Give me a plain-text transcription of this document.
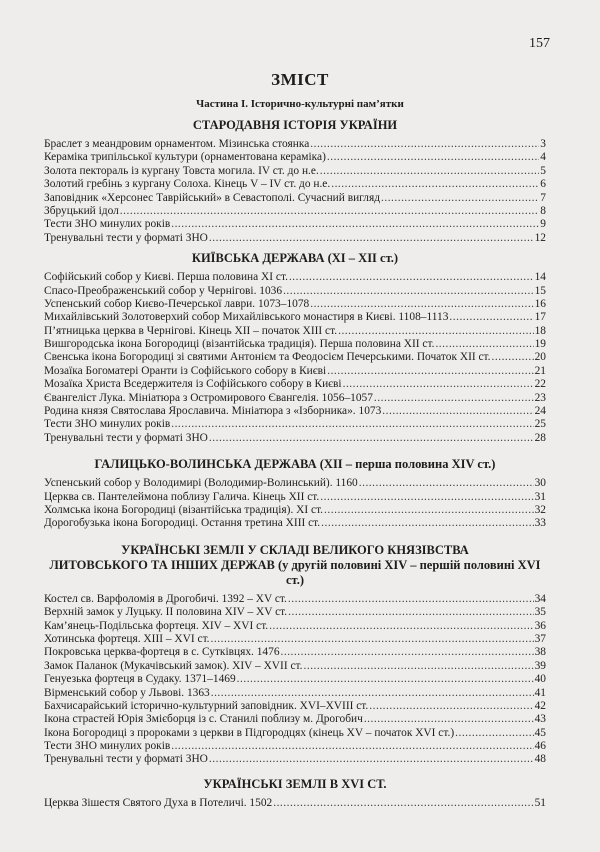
157
ЗМІСТ
Частина І. Історично-культурні пам’ятки
СТАРОДАВНЯ ІСТОРІЯ УКРАЇНИ
Браслет з меандровим орнаментом. Мізинська стоянка .....	3
Кераміка трипільської культури (орнаментована кераміка) .....	4
Золота пектораль із кургану Товста могила. IV ст. до н.е. .....	5
Золотий гребінь з кургану Солоха. Кінець V – IV ст. до н.е. .....	6
Заповідник «Херсонес Таврійський» в Севастополі. Сучасний вигляд .....	7
Збруцький ідол .....	8
Тести ЗНО минулих років .....	9
Тренувальні тести у форматі ЗНО .....	12
КИЇВСЬКА ДЕРЖАВА (XI – XII ст.)
Софійський собор у Києві. Перша половина XI ст. .....	14
Спасо-Преображенський собор у Чернігові. 1036 .....	15
Успенський собор Києво-Печерської лаври. 1073–1078 .....	16
Михайлівський Золотоверхий собор Михайлівського монастиря в Києві. 1108–1113 .....	17
П’ятницька церква в Чернігові. Кінець XII – початок XIII ст. .....	18
Вишгородська ікона Богородиці (візантійська традиція). Перша половина XII ст. .....	19
Свенська ікона Богородиці зі святими Антонієм та Феодосієм Печерськими. Початок XII ст. .....	20
Мозаїка Богоматері Оранти із Софійського собору в Києві .....	21
Мозаїка Христа Вседержителя із Софійського собору в Києві .....	22
Євангеліст Лука. Мініатюра з Остромирового Євангелія. 1056–1057 .....	23
Родина князя Святослава Ярославича. Мініатюра з «Ізборника». 1073 .....	24
Тести ЗНО минулих років .....	25
Тренувальні тести у форматі ЗНО .....	28
ГАЛИЦЬКО-ВОЛИНСЬКА ДЕРЖАВА (XII – перша половина XIV ст.)
Успенський собор у Володимирі (Володимир-Волинський). 1160 .....	30
Церква св. Пантелеймона поблизу Галича. Кінець XII ст. .....	31
Холмська ікона Богородиці (візантійська традиція). XI ст. .....	32
Дорогобузька ікона Богородиці. Остання третина XIII ст. .....	33
УКРАЇНСЬКІ ЗЕМЛІ У СКЛАДІ ВЕЛИКОГО КНЯЗІВСТВА
ЛИТОВСЬКОГО ТА ІНШИХ ДЕРЖАВ (у другій половині XIV – першій половині XVI ст.)
Костел св. Варфоломія в Дрогобичі. 1392 – XV ст. .....	34
Верхній замок у Луцьку. II половина XIV – XV ст. .....	35
Кам’янець-Подільська фортеця. XIV – XVI ст. .....	36
Хотинська фортеця. XIII – XVI ст. .....	37
Покровська церква-фортеця в с. Сутківцях. 1476 .....	38
Замок Паланок (Мукачівський замок). XIV – XVII ст. .....	39
Генуезька фортеця в Судаку. 1371–1469 .....	40
Вірменський собор у Львові. 1363 .....	41
Бахчисарайський історично-культурний заповідник. XVI–XVIII ст. .....	42
Ікона страстей Юрія Змієборця із с. Станилі поблизу м. Дрогобич .....	43
Ікона Богородиці з пророками з церкви в Підгородцях (кінець XV – початок XVI ст.) .....	45
Тести ЗНО минулих років .....	46
Тренувальні тести у форматі ЗНО .....	48
УКРАЇНСЬКІ ЗЕМЛІ В XVI СТ.
Церква Зішестя Святого Духа в Потеличі. 1502 .....	51
